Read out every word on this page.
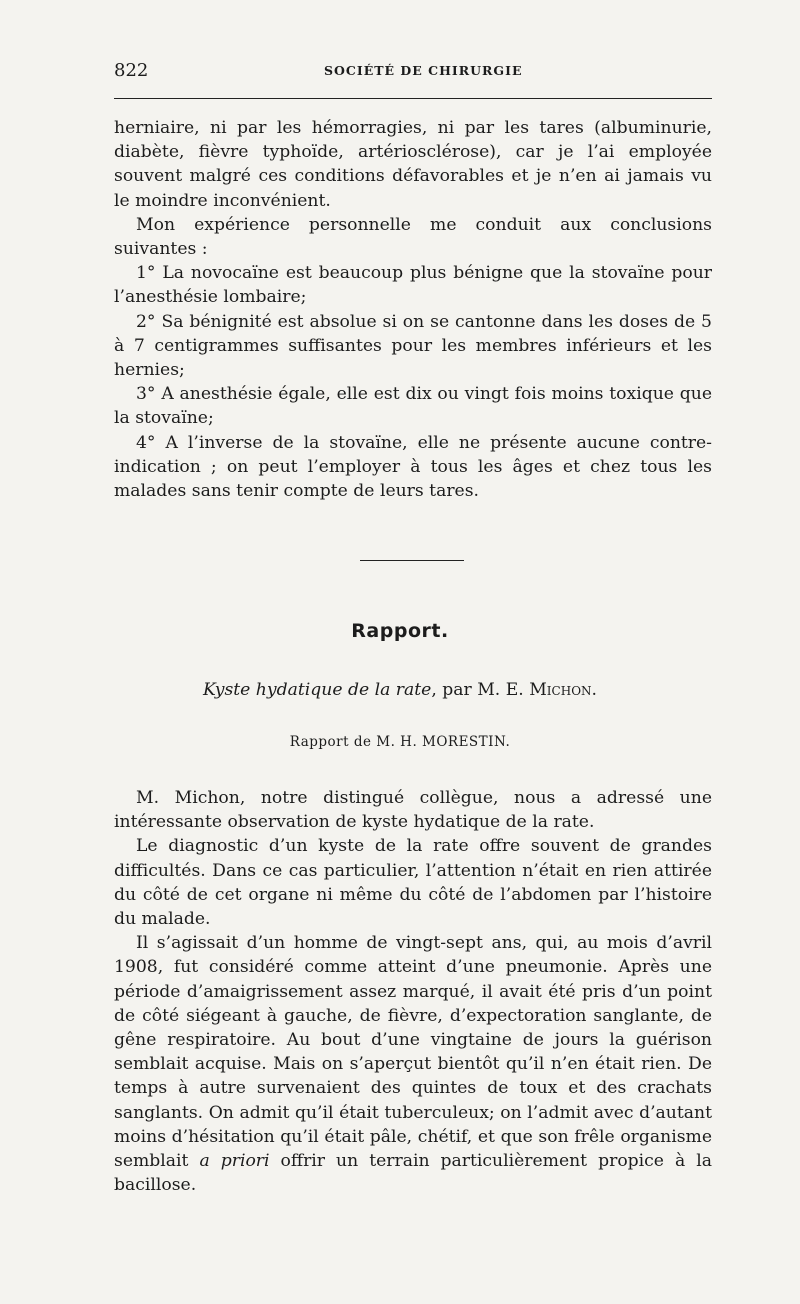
822	SOCIÉTÉ DE CHIRURGIE

herniaire, ni par les hémorragies, ni par les tares (albuminurie, diabète, fièvre typhoïde, artériosclérose), car je l’ai employée souvent malgré ces conditions défavorables et je n’en ai jamais vu le moindre inconvénient.

Mon expérience personnelle me conduit aux conclusions suivantes :

1° La novocaïne est beaucoup plus bénigne que la stovaïne pour l’anesthésie lombaire;

2° Sa bénignité est absolue si on se cantonne dans les doses de 5 à 7 centigrammes suffisantes pour les membres inférieurs et les hernies;

3° A anesthésie égale, elle est dix ou vingt fois moins toxique que la stovaïne;

4° A l’inverse de la stovaïne, elle ne présente aucune contre-indication ; on peut l’employer à tous les âges et chez tous les malades sans tenir compte de leurs tares.

Rapport.
Kyste hydatique de la rate, par M. E. Michon.
Rapport de M. H. MORESTIN.

M. Michon, notre distingué collègue, nous a adressé une intéressante observation de kyste hydatique de la rate.

Le diagnostic d’un kyste de la rate offre souvent de grandes difficultés. Dans ce cas particulier, l’attention n’était en rien attirée du côté de cet organe ni même du côté de l’abdomen par l’histoire du malade.

Il s’agissait d’un homme de vingt-sept ans, qui, au mois d’avril 1908, fut considéré comme atteint d’une pneumonie. Après une période d’amaigrissement assez marqué, il avait été pris d’un point de côté siégeant à gauche, de fièvre, d’expectoration sanglante, de gêne respiratoire. Au bout d’une vingtaine de jours la guérison semblait acquise. Mais on s’aperçut bientôt qu’il n’en était rien. De temps à autre survenaient des quintes de toux et des crachats sanglants. On admit qu’il était tuberculeux; on l’admit avec d’autant moins d’hésitation qu’il était pâle, chétif, et que son frêle organisme semblait a priori offrir un terrain particulièrement propice à la bacillose.
